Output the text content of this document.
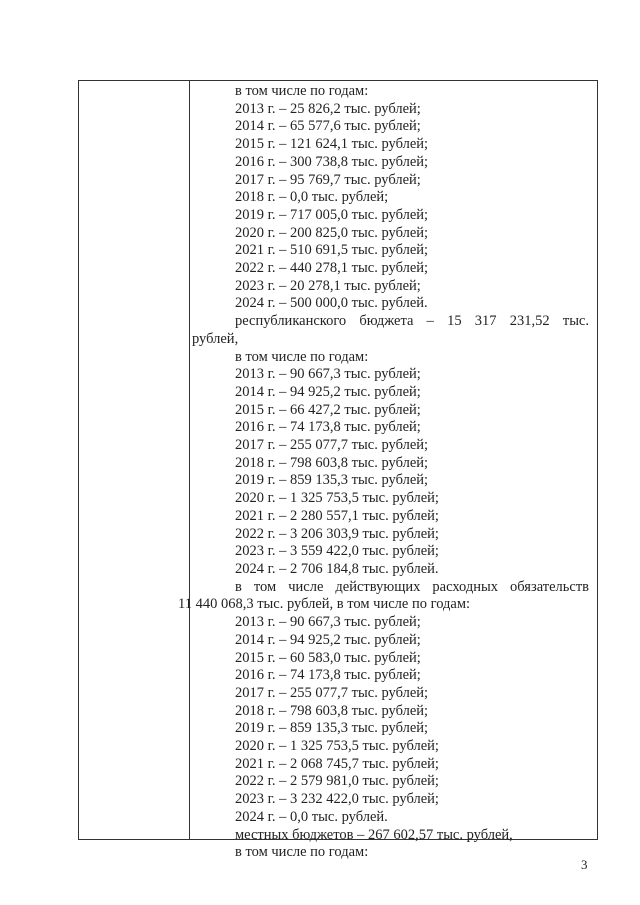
в том числе по годам:
2013 г. – 25 826,2 тыс. рублей;
2014 г. – 65 577,6 тыс. рублей;
2015 г. – 121 624,1 тыс. рублей;
2016 г. – 300 738,8 тыс. рублей;
2017 г. – 95 769,7 тыс. рублей;
2018 г. – 0,0 тыс. рублей;
2019 г. – 717 005,0 тыс. рублей;
2020 г. – 200 825,0 тыс. рублей;
2021 г. – 510 691,5 тыс. рублей;
2022 г. – 440 278,1 тыс. рублей;
2023 г. – 20 278,1 тыс. рублей;
2024 г. – 500 000,0 тыс. рублей.
республиканского бюджета – 15 317 231,52 тыс.
рублей,
в том числе по годам:
2013 г. – 90 667,3 тыс. рублей;
2014 г. – 94 925,2 тыс. рублей;
2015 г. – 66 427,2 тыс. рублей;
2016 г. – 74 173,8 тыс. рублей;
2017 г. – 255 077,7 тыс. рублей;
2018 г. – 798 603,8 тыс. рублей;
2019 г. – 859 135,3 тыс. рублей;
2020 г. – 1 325 753,5 тыс. рублей;
2021 г. – 2 280 557,1 тыс. рублей;
2022 г. – 3 206 303,9 тыс. рублей;
2023 г. – 3 559 422,0 тыс. рублей;
2024 г. – 2 706 184,8 тыс. рублей.
в том числе действующих расходных обязательств
11 440 068,3 тыс. рублей, в том числе по годам:
2013 г. – 90 667,3 тыс. рублей;
2014 г. – 94 925,2 тыс. рублей;
2015 г. – 60 583,0 тыс. рублей;
2016 г. – 74 173,8 тыс. рублей;
2017 г. – 255 077,7 тыс. рублей;
2018 г. – 798 603,8 тыс. рублей;
2019 г. – 859 135,3 тыс. рублей;
2020 г. – 1 325 753,5 тыс. рублей;
2021 г. – 2 068 745,7 тыс. рублей;
2022 г. – 2 579 981,0 тыс. рублей;
2023 г. – 3 232 422,0 тыс. рублей;
2024 г. – 0,0 тыс. рублей.
местных бюджетов – 267 602,57 тыс. рублей,
в том числе по годам:
3
